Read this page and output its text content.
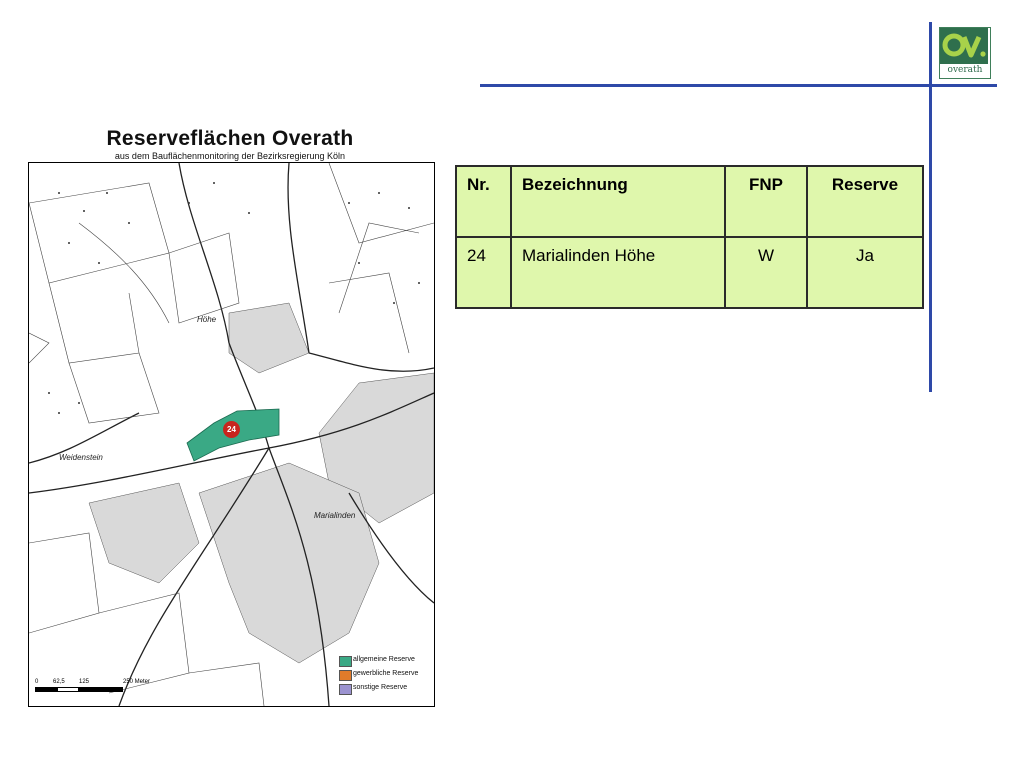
overath
Reserveflächen Overath
aus dem Bauflächenmonitoring der Bezirksregierung Köln
Höhe
Weidenstein
Marialinden
24
allgemeine Reserve
gewerbliche Reserve
sonstige Reserve
0 62,5 125	250 Meter
Nr.	Bezeichnung	FNP	Reserve
24	Marialinden Höhe	W	Ja
